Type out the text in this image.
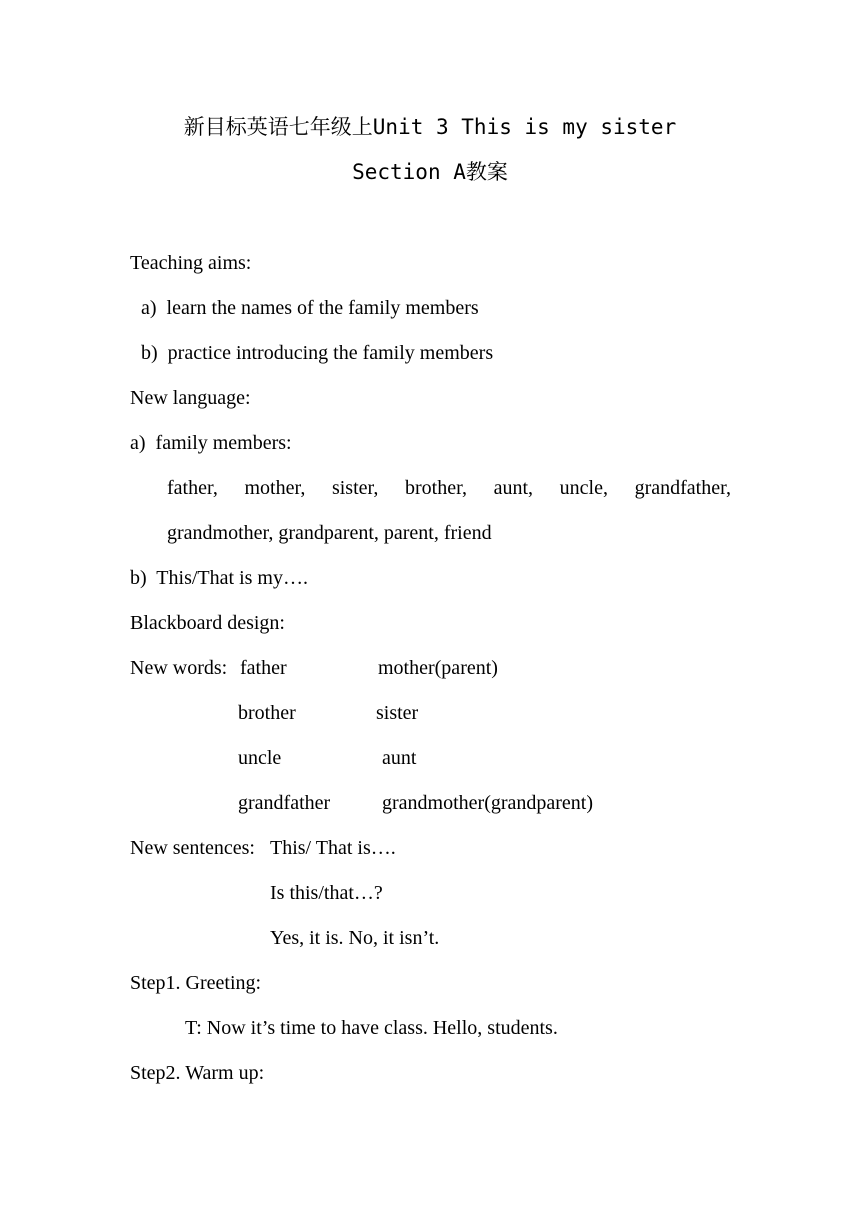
新目标英语七年级上Unit 3 This is my sister
Section A教案
Teaching aims:
a)  learn the names of the family members
b)  practice introducing the family members
New language:
a)  family members:
father, mother, sister, brother, aunt, uncle, grandfather,
grandmother, grandparent, parent, friend
b)  This/That is my….
Blackboard design:
New words: father	mother(parent)
brother	sister
uncle	aunt
grandfather	grandmother(grandparent)
New sentences: This/ That is….
Is this/that…?
Yes, it is. No, it isn’t.
Step1. Greeting:
T: Now it’s time to have class. Hello, students.
Step2. Warm up:
